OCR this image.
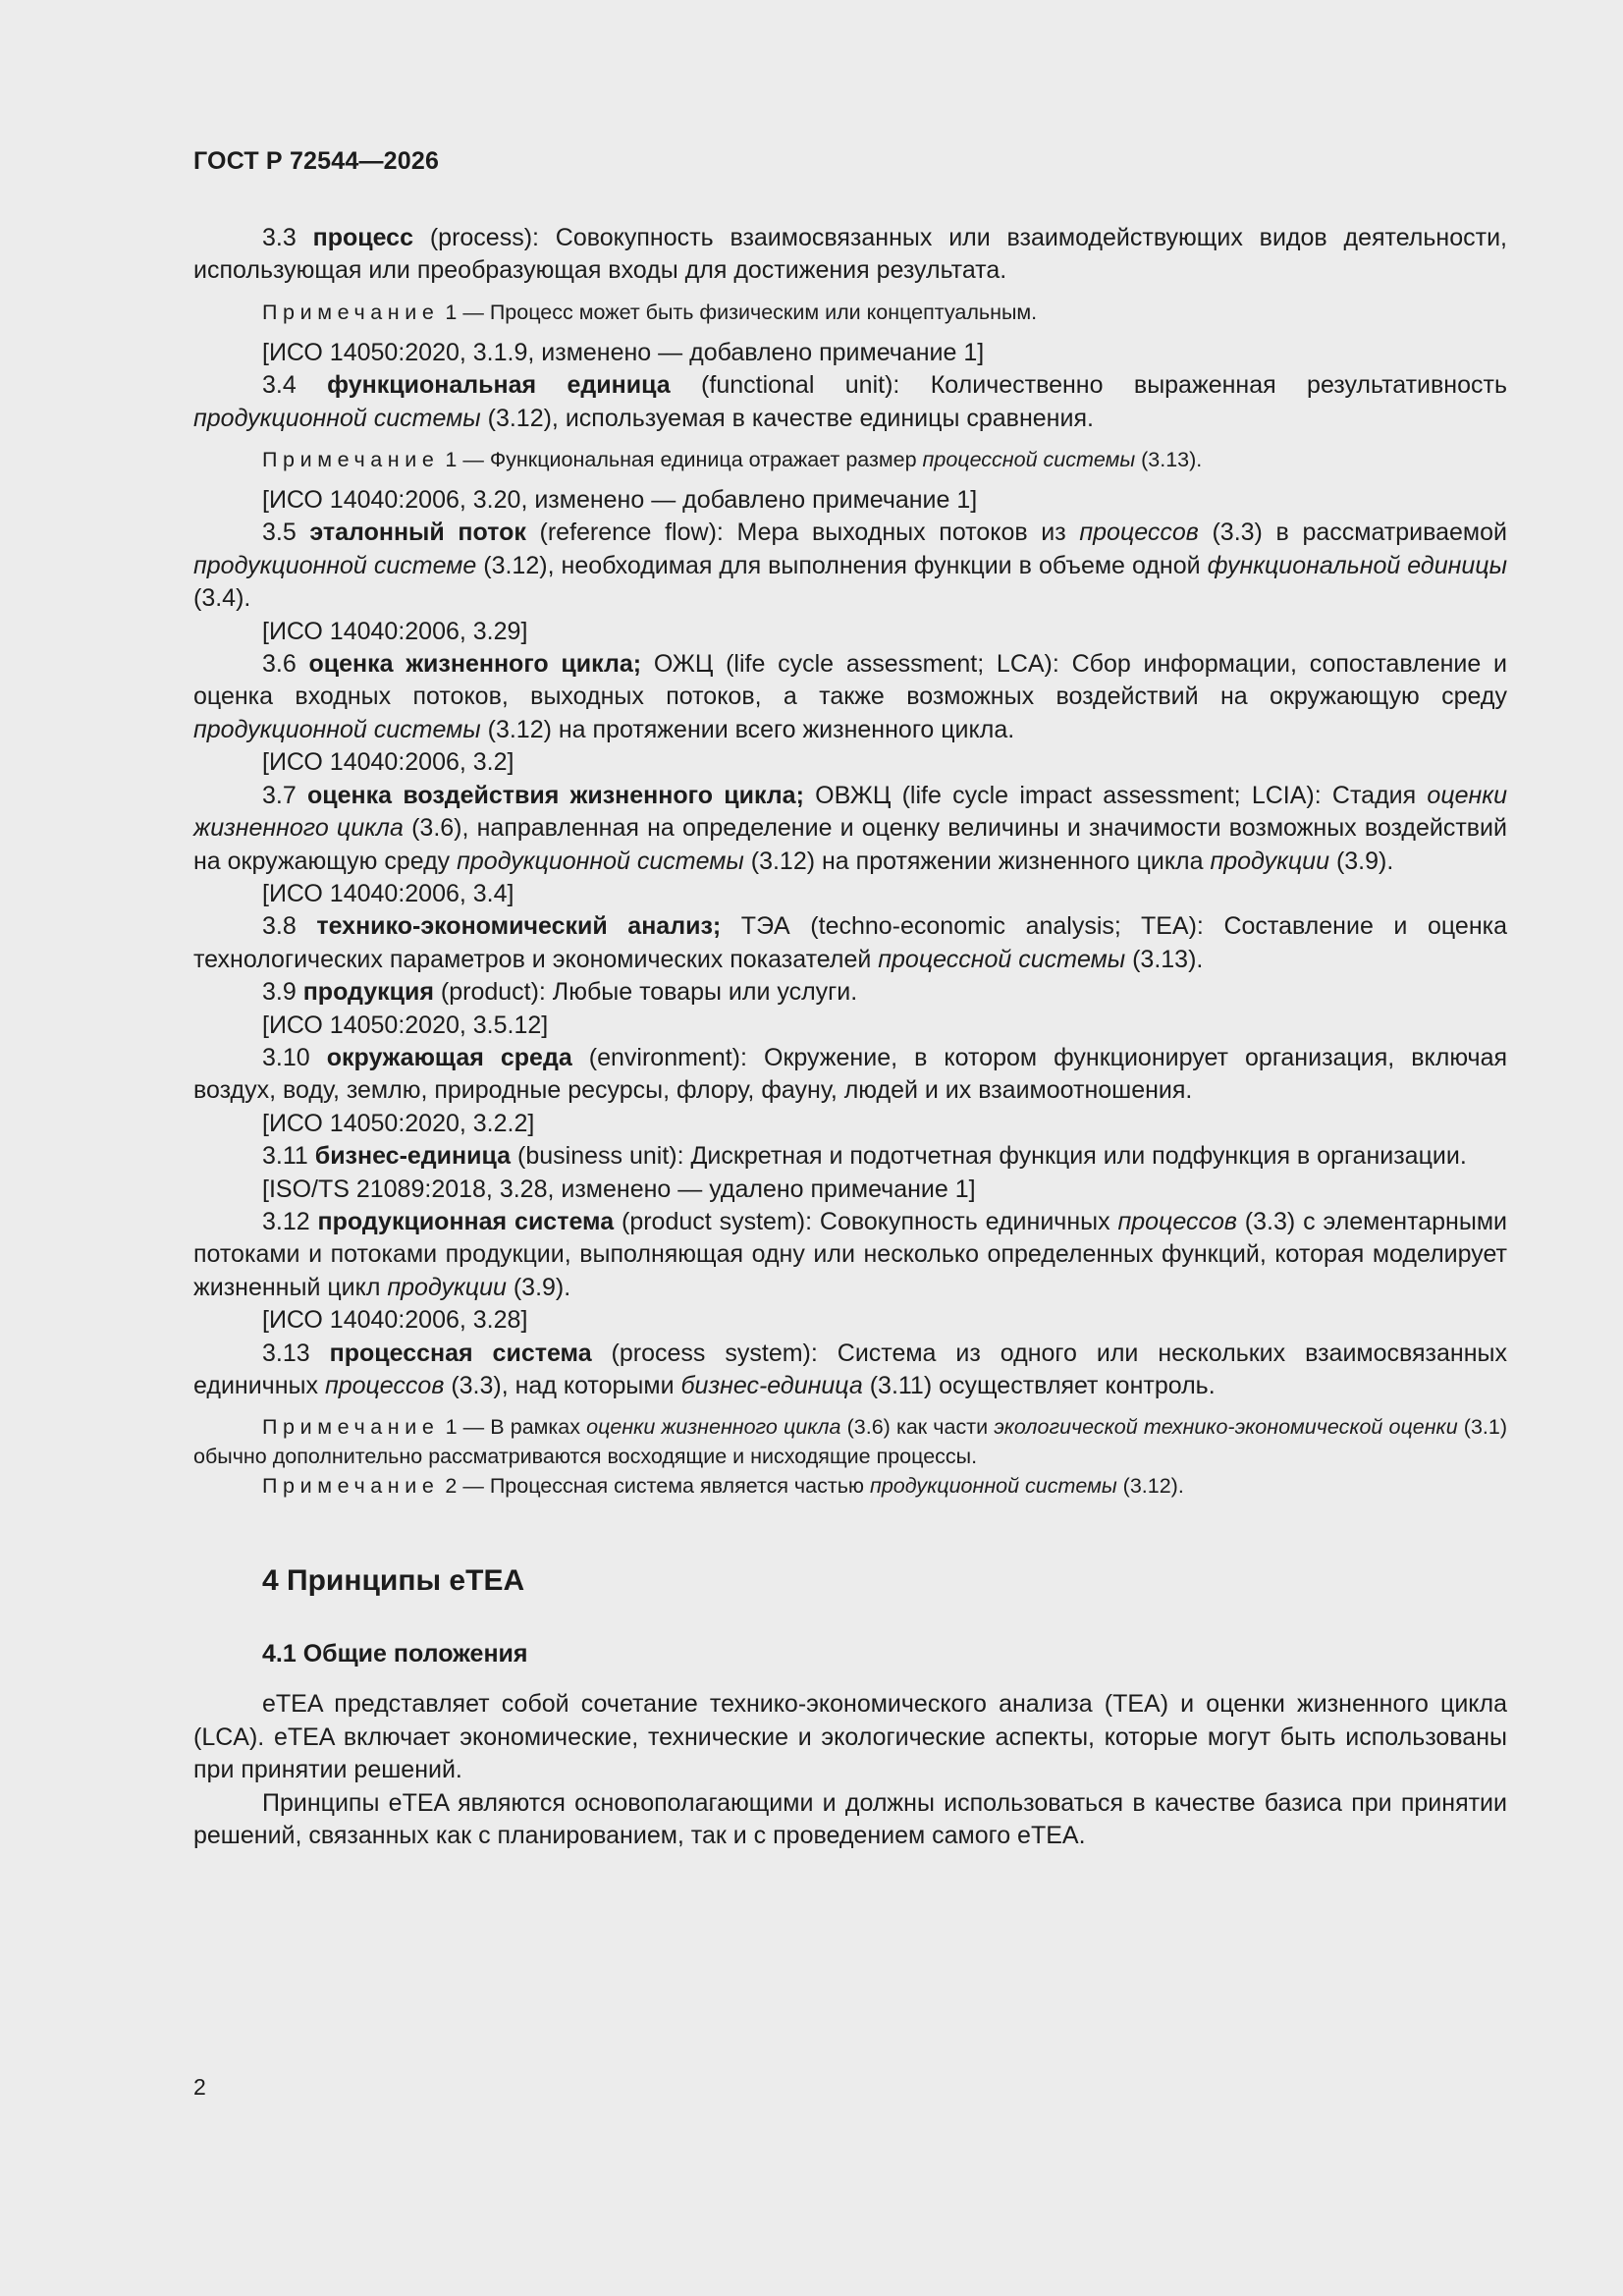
ГОСТ Р 72544—2026

3.3 процесс (process): Совокупность взаимосвязанных или взаимодействующих видов деятельности, использующая или преобразующая входы для достижения результата.

Примечание 1 — Процесс может быть физическим или концептуальным.

[ИСО 14050:2020, 3.1.9, изменено — добавлено примечание 1]

3.4 функциональная единица (functional unit): Количественно выраженная результативность продукционной системы (3.12), используемая в качестве единицы сравнения.

Примечание 1 — Функциональная единица отражает размер процессной системы (3.13).

[ИСО 14040:2006, 3.20, изменено — добавлено примечание 1]

3.5 эталонный поток (reference flow): Мера выходных потоков из процессов (3.3) в рассматриваемой продукционной системе (3.12), необходимая для выполнения функции в объеме одной функциональной единицы (3.4).

[ИСО 14040:2006, 3.29]

3.6 оценка жизненного цикла; ОЖЦ (life cycle assessment; LCA): Сбор информации, сопоставление и оценка входных потоков, выходных потоков, а также возможных воздействий на окружающую среду продукционной системы (3.12) на протяжении всего жизненного цикла.

[ИСО 14040:2006, 3.2]

3.7 оценка воздействия жизненного цикла; ОВЖЦ (life cycle impact assessment; LCIA): Стадия оценки жизненного цикла (3.6), направленная на определение и оценку величины и значимости возможных воздействий на окружающую среду продукционной системы (3.12) на протяжении жизненного цикла продукции (3.9).

[ИСО 14040:2006, 3.4]

3.8 технико-экономический анализ; ТЭА (techno-economic analysis; TEA): Составление и оценка технологических параметров и экономических показателей процессной системы (3.13).

3.9 продукция (product): Любые товары или услуги.

[ИСО 14050:2020, 3.5.12]

3.10 окружающая среда (environment): Окружение, в котором функционирует организация, включая воздух, воду, землю, природные ресурсы, флору, фауну, людей и их взаимоотношения.

[ИСО 14050:2020, 3.2.2]

3.11 бизнес-единица (business unit): Дискретная и подотчетная функция или подфункция в организации.

[ISO/TS 21089:2018, 3.28, изменено — удалено примечание 1]

3.12 продукционная система (product system): Совокупность единичных процессов (3.3) с элементарными потоками и потоками продукции, выполняющая одну или несколько определенных функций, которая моделирует жизненный цикл продукции (3.9).

[ИСО 14040:2006, 3.28]

3.13 процессная система (process system): Система из одного или нескольких взаимосвязанных единичных процессов (3.3), над которыми бизнес-единица (3.11) осуществляет контроль.

Примечание 1 — В рамках оценки жизненного цикла (3.6) как части экологической технико-экономической оценки (3.1) обычно дополнительно рассматриваются восходящие и нисходящие процессы.

Примечание 2 — Процессная система является частью продукционной системы (3.12).

4 Принципы eTEA

4.1 Общие положения

eTEA представляет собой сочетание технико-экономического анализа (ТЕА) и оценки жизненного цикла (LCA). eTEA включает экономические, технические и экологические аспекты, которые могут быть использованы при принятии решений.

Принципы eTEA являются основополагающими и должны использоваться в качестве базиса при принятии решений, связанных как с планированием, так и с проведением самого eTEA.

2
